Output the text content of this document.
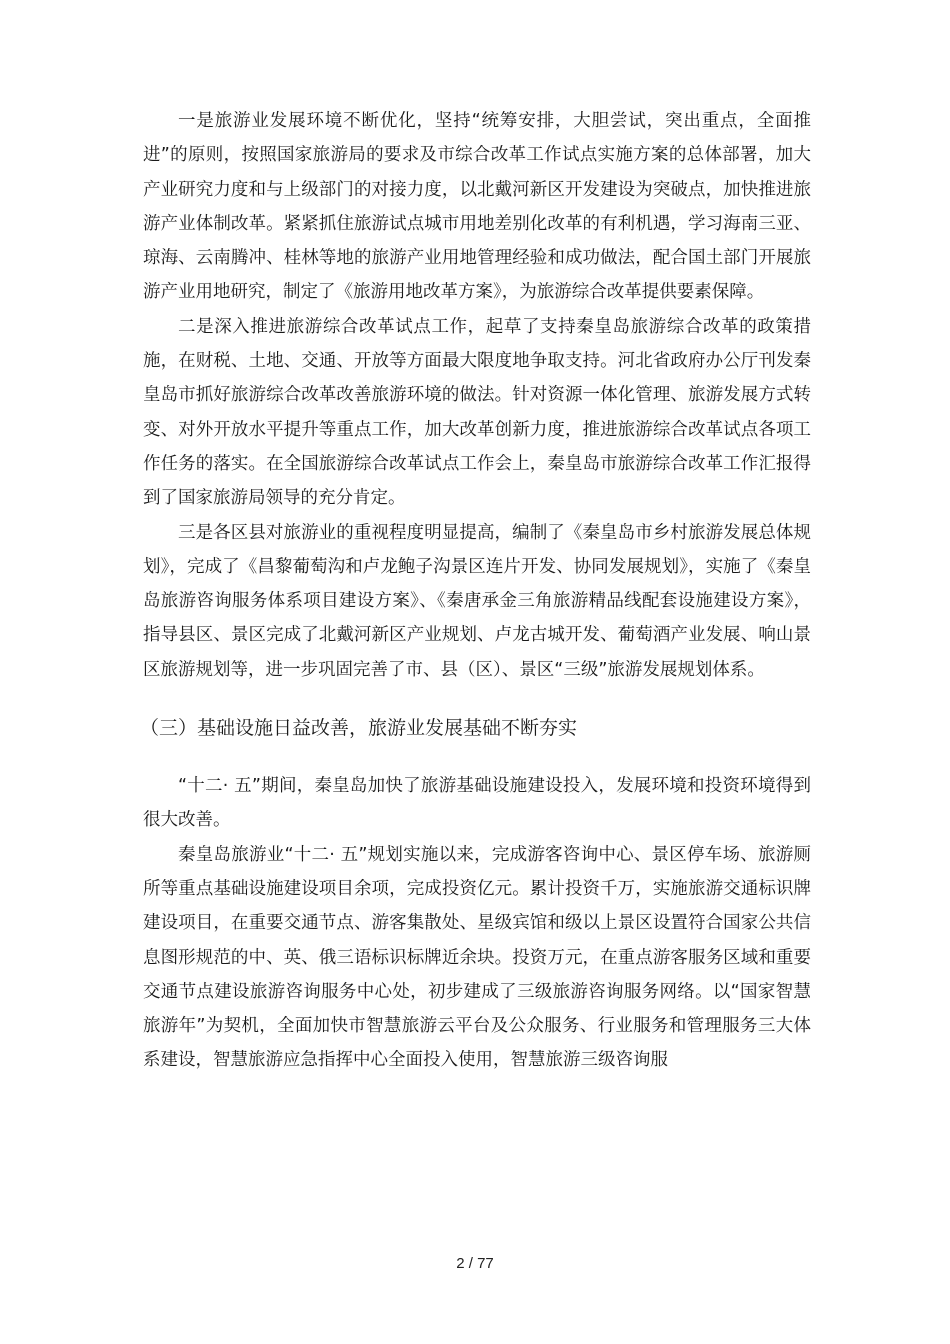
一是旅游业发展环境不断优化，坚持“统筹安排，大胆尝试，突出重点，全面推进”的原则，按照国家旅游局的要求及市综合改革工作试点实施方案的总体部署，加大产业研究力度和与上级部门的对接力度，以北戴河新区开发建设为突破点，加快推进旅游产业体制改革。紧紧抓住旅游试点城市用地差别化改革的有利机遇，学习海南三亚、琼海、云南腾冲、桂林等地的旅游产业用地管理经验和成功做法，配合国土部门开展旅游产业用地研究，制定了《旅游用地改革方案》，为旅游综合改革提供要素保障。

二是深入推进旅游综合改革试点工作，起草了支持秦皇岛旅游综合改革的政策措施，在财税、土地、交通、开放等方面最大限度地争取支持。河北省政府办公厅刊发秦皇岛市抓好旅游综合改革改善旅游环境的做法。针对资源一体化管理、旅游发展方式转变、对外开放水平提升等重点工作，加大改革创新力度，推进旅游综合改革试点各项工作任务的落实。在全国旅游综合改革试点工作会上，秦皇岛市旅游综合改革工作汇报得到了国家旅游局领导的充分肯定。

三是各区县对旅游业的重视程度明显提高，编制了《秦皇岛市乡村旅游发展总体规划》，完成了《昌黎葡萄沟和卢龙鲍子沟景区连片开发、协同发展规划》，实施了《秦皇岛旅游咨询服务体系项目建设方案》、《秦唐承金三角旅游精品线配套设施建设方案》，指导县区、景区完成了北戴河新区产业规划、卢龙古城开发、葡萄酒产业发展、响山景区旅游规划等，进一步巩固完善了市、县（区）、景区“三级”旅游发展规划体系。

（三）基础设施日益改善，旅游业发展基础不断夯实

“十二· 五”期间，秦皇岛加快了旅游基础设施建设投入，发展环境和投资环境得到很大改善。

秦皇岛旅游业“十二· 五”规划实施以来，完成游客咨询中心、景区停车场、旅游厕所等重点基础设施建设项目余项，完成投资亿元。累计投资千万，实施旅游交通标识牌建设项目，在重要交通节点、游客集散处、星级宾馆和级以上景区设置符合国家公共信息图形规范的中、英、俄三语标识标牌近余块。投资万元，在重点游客服务区域和重要交通节点建设旅游咨询服务中心处，初步建成了三级旅游咨询服务网络。以“国家智慧旅游年”为契机，全面加快市智慧旅游云平台及公众服务、行业服务和管理服务三大体系建设，智慧旅游应急指挥中心全面投入使用，智慧旅游三级咨询服

2 / 77
